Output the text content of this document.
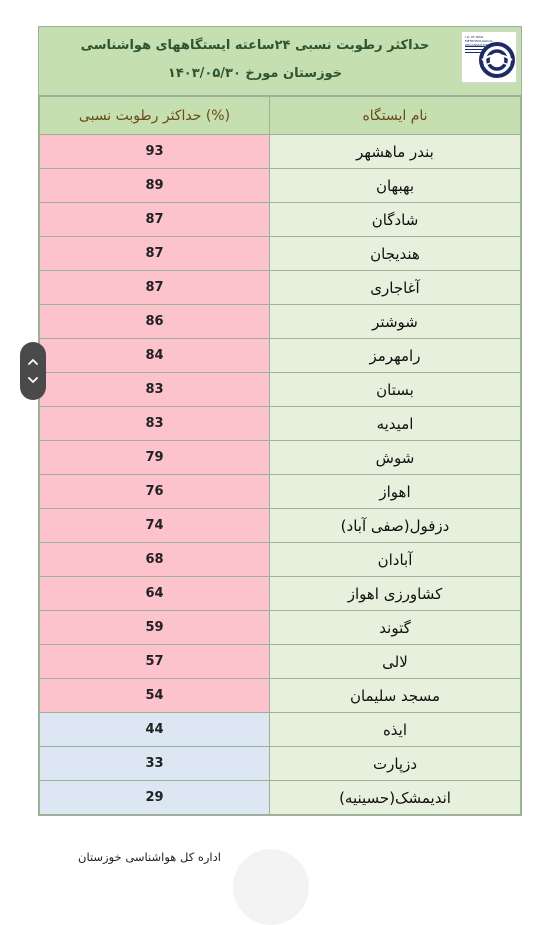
حداکثر رطوبت نسبی ۲۴ساعته ایستگاههای هواشناسی
خوزستان مورخ ۱۴۰۳/۰۵/۳۰
I.R. OF IRAN METEOROLOGICAL ORGANIZATION
حداکثر رطوبت نسبی (%)	نام ایستگاه
93	بندر ماهشهر
89	بهبهان
87	شادگان
87	هندیجان
87	آغاجاری
86	شوشتر
84	رامهرمز
83	بستان
83	امیدیه
79	شوش
76	اهواز
74	دزفول(صفی آباد)
68	آبادان
64	کشاورزی اهواز
59	گتوند
57	لالی
54	مسجد سلیمان
44	ایذه
33	دزپارت
29	اندیمشک(حسینیه)
اداره کل هواشناسی خوزستان
